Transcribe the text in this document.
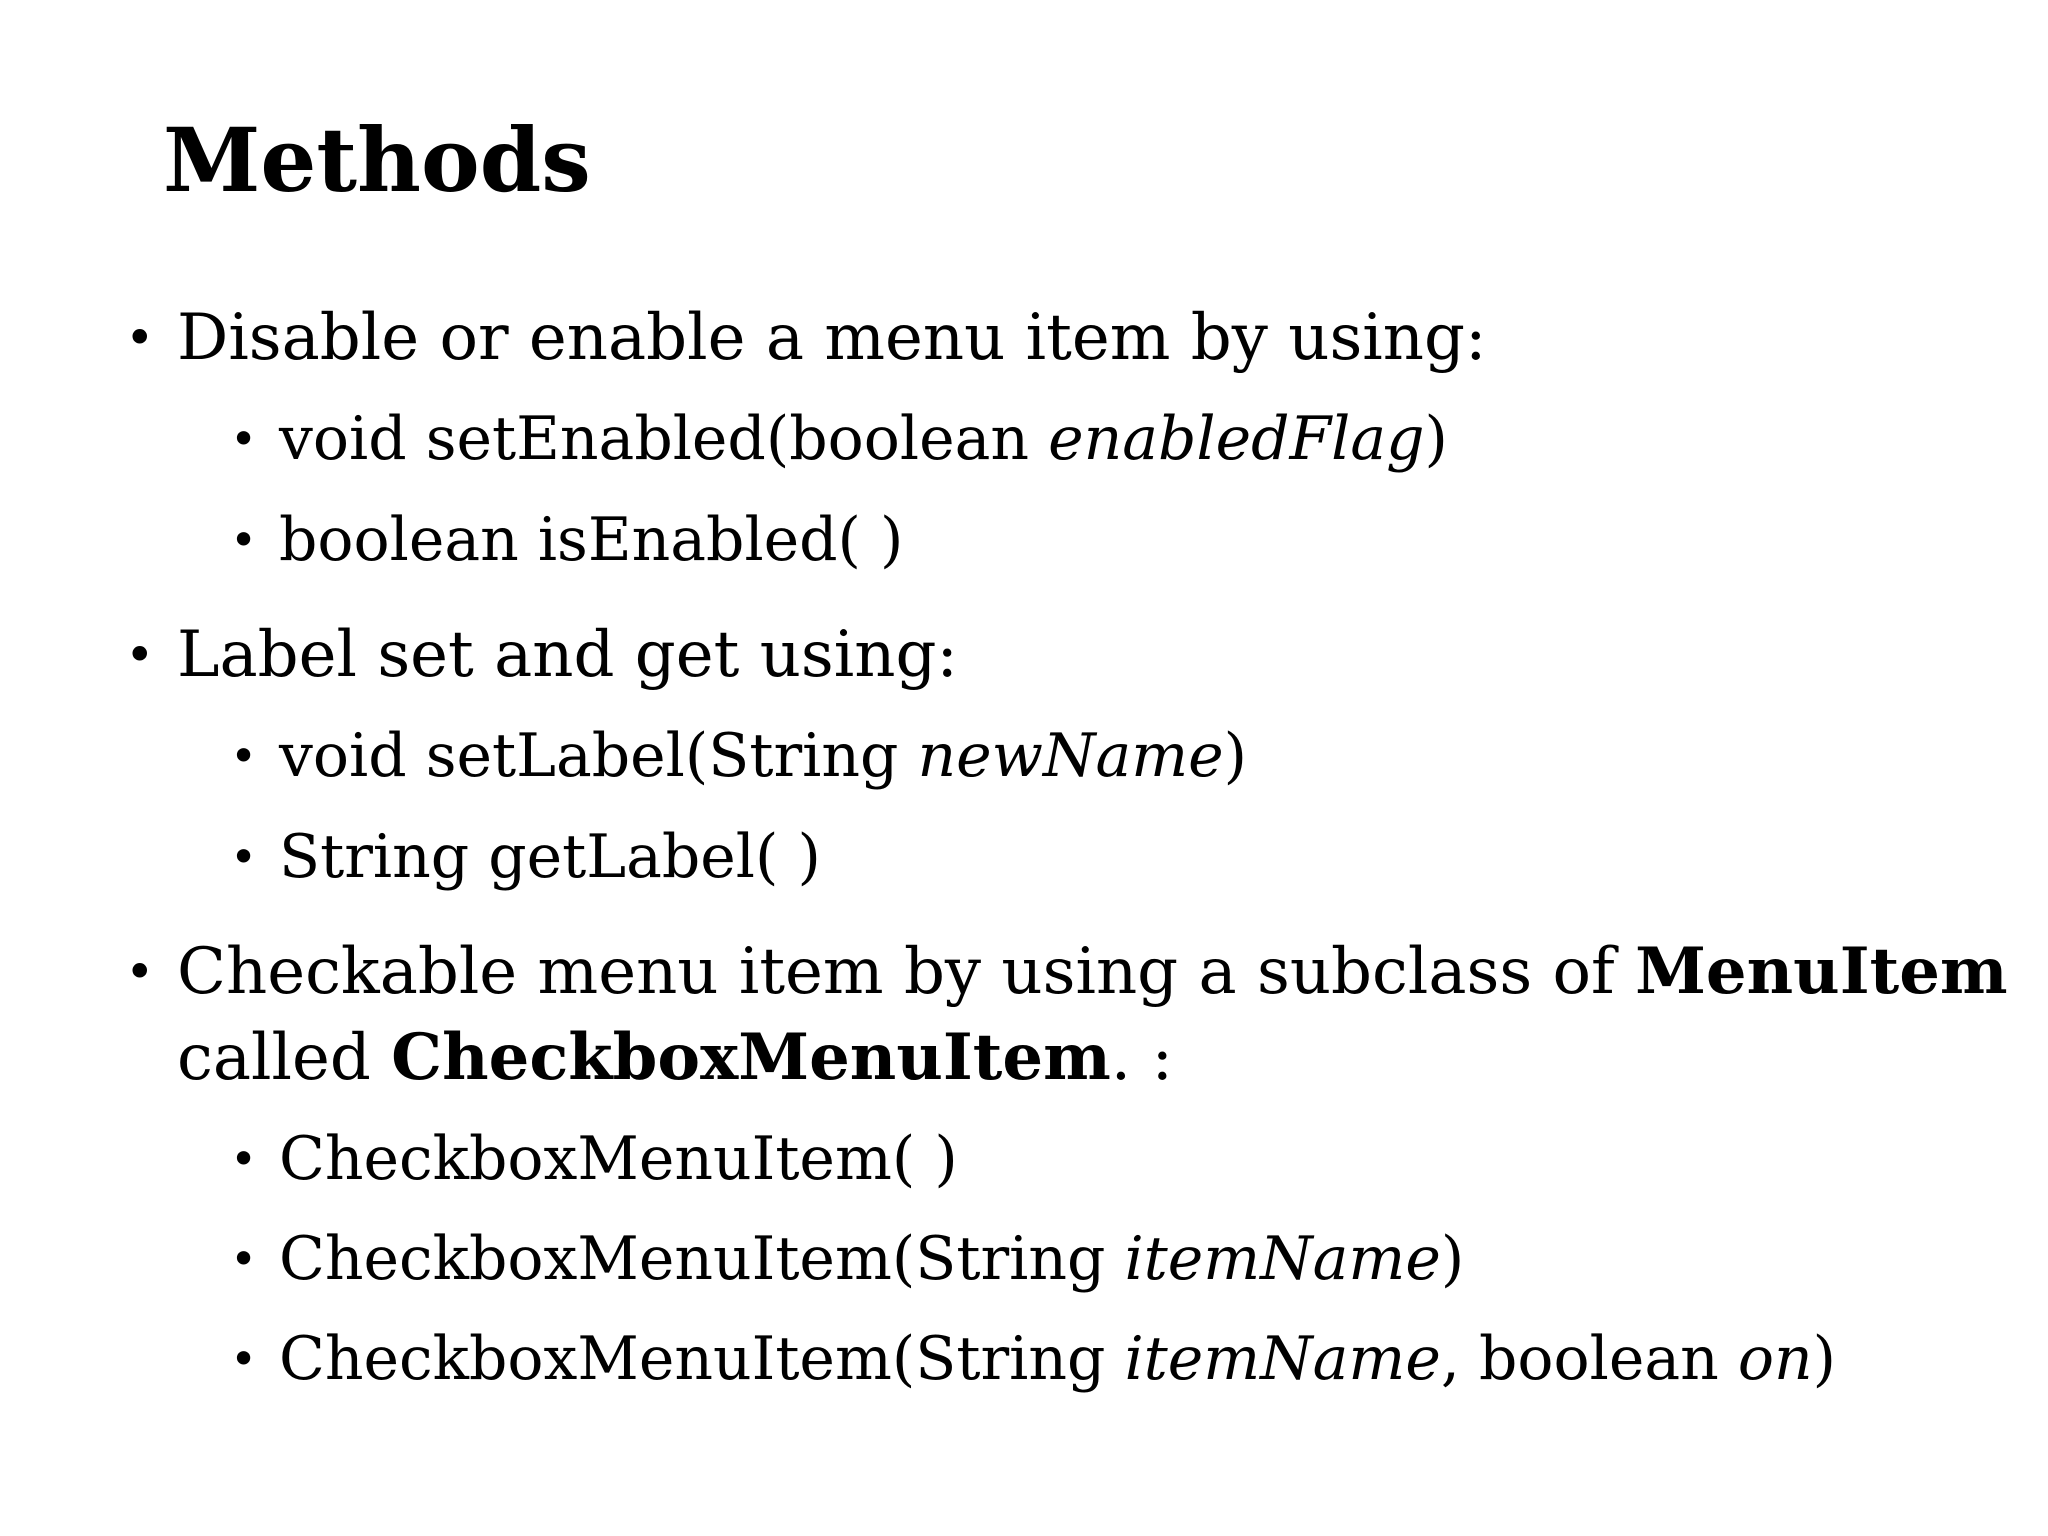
Methods
• Disable or enable a menu item by using:
• void setEnabled(boolean enabledFlag)
• boolean isEnabled( )
• Label set and get using:
• void setLabel(String newName)
• String getLabel( )
• Checkable menu item by using a subclass of MenuItem
called CheckboxMenuItem. :
• CheckboxMenuItem( )
• CheckboxMenuItem(String itemName)
• CheckboxMenuItem(String itemName, boolean on)
